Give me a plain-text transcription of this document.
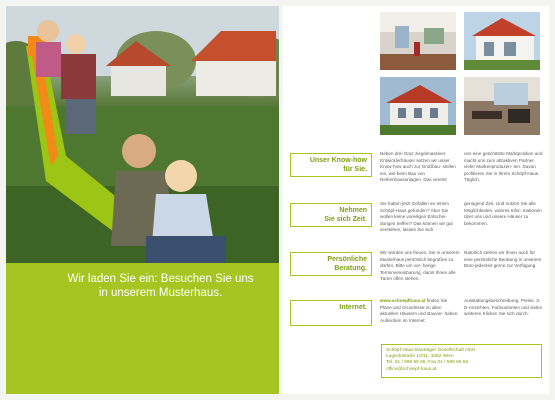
Wir laden Sie ein: Besuchen Sie uns
in unserem Musterhaus.
Unser Know-how
für Sie.
Neben drei Graz ziegelmassiver Entwicklerhäuser setzen wir unser Know-how auch zur Großbau- stellen ein, wie beim Bau von Reihenhausanlagen. Das vereint
uns eine geschätzte Marktposition und macht uns zum attraktiven Partner vieler Markenproduzen- ten. Davon profitieren Sie in Ihrem Schöpf-Haus. Täglich.
Nehmen
Sie sich Zeit.
Sie haben jetzt Gefallen an einem Schöpf-Haus gefunden? Aber Sie wollen keine voreiligen Entschei- dungen treffen? Das können wir gut verstehen, lassen Sie sich
genügend Zeit. Und nutzen Sie alle Möglichkeiten, wahres Infor- mationen über uns und unsere Häuser zu bekommen.
Persönliche
Beratung.
Wir würden uns freuen, Sie in unserem Musterhaus persönlich begrüßen zu dürfen. Bitte um vor- herige Terminvereinbarung, damit Ihnen alle Türen offen stehen.
Natürlich stehen wir Ihnen auch für eine persönliche Beratung in unserem Büro jederzeit gerne zur Verfügung.
Internet.
www.schoepfhaus.at finden Sie Pläne und Grundrisse zu allen aktuellen Häusern und Bauvor- haben. Außerdem im Internet:
Ausstattungsbeschreibung, Preise, 3-D-Ansichten, Farbvarianten und vielen weiteren Klicken Sie sich durch.
Schöpf-Haus Bauträger Gesellschaft mbH
Lugeckstraße 10/11, 1082 Wien
Tel. 01 / 596 66 66, Fax 01 / 596 66 66
office@schoepf-haus.at
